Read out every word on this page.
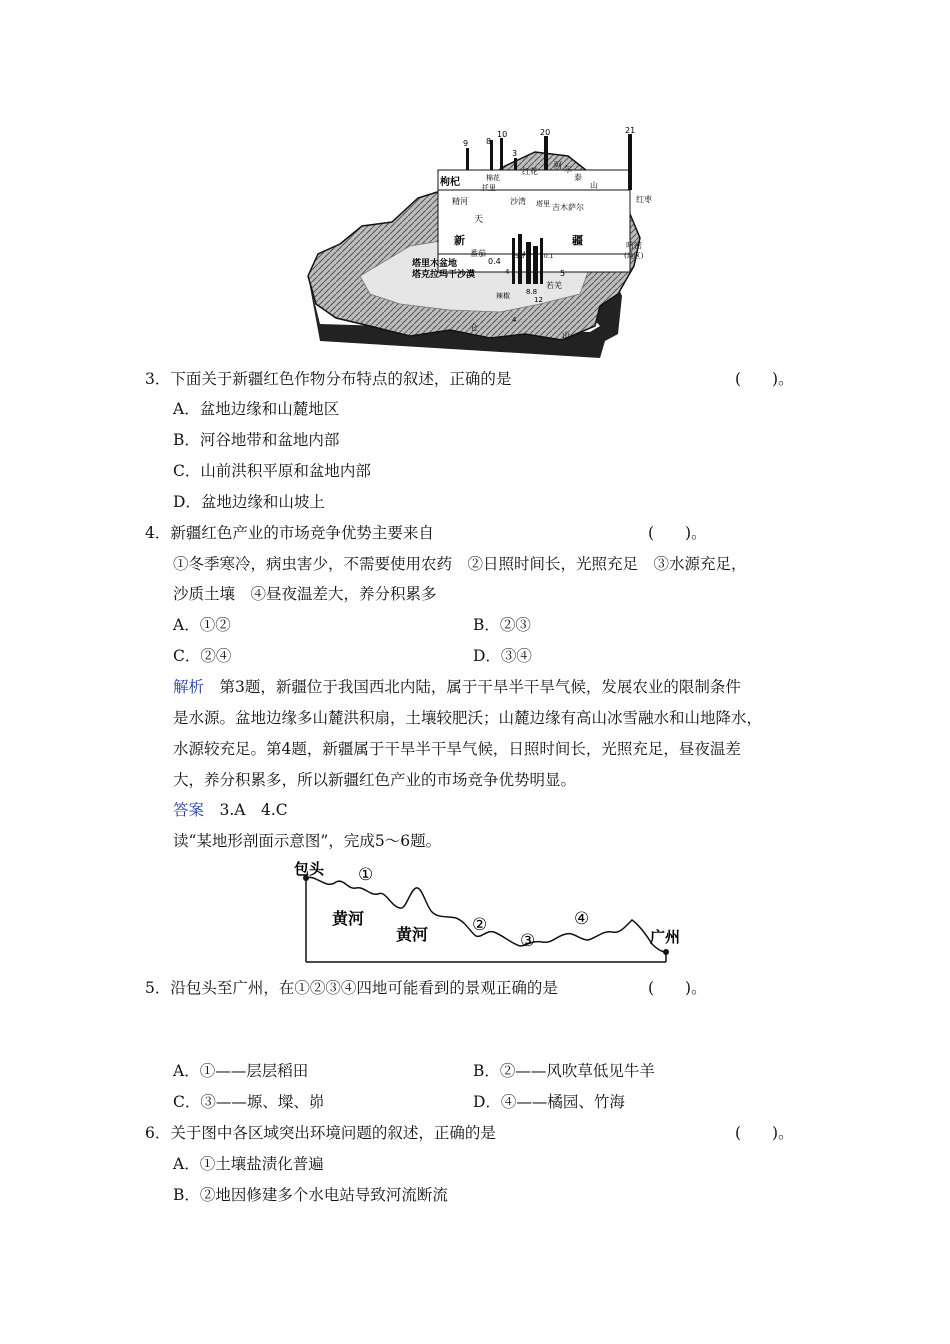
9 8
10
3
20	21
0.4
4
4
5
8.8
12
5.3
4.4 10.1
枸杞	棉花
红花
阿 尔
泰
山
托里
精河	沙湾 塔里 吉木萨尔
红枣
天
新
番茄
疆	哈密
(地区)
塔里木盆地
塔克拉玛干沙漠
若羌
辣椒
仑
山
3．下面关于新疆红色作物分布特点的叙述，正确的是	(　　)。
A．盆地边缘和山麓地区
B．河谷地带和盆地内部
C．山前洪积平原和盆地内部
D．盆地边缘和山坡上
4．新疆红色产业的市场竞争优势主要来自	(　　)。
①冬季寒冷，病虫害少，不需要使用农药　②日照时间长，光照充足　③水源充足，
沙质土壤　④昼夜温差大，养分积累多
A．①②	B．②③
C．②④	D．③④
解析　第3题，新疆位于我国西北内陆，属于干旱半干旱气候，发展农业的限制条件
是水源。盆地边缘多山麓洪积扇，土壤较肥沃；山麓边缘有高山冰雪融水和山地降水，
水源较充足。第4题，新疆属于干旱半干旱气候，日照时间长，光照充足，昼夜温差
大，养分积累多，所以新疆红色产业的市场竞争优势明显。
答案　3.A　4.C
读“某地形剖面示意图”，完成5～6题。
包头 ①
黄河
黄河	②
③
④
广州
5．沿包头至广州，在①②③④四地可能看到的景观正确的是	(　　)。
A．①——层层稻田	B．②——风吹草低见牛羊
C．③——塬、墚、峁	D．④——橘园、竹海
6．关于图中各区域突出环境问题的叙述，正确的是	(　　)。
A．①土壤盐渍化普遍
B．②地因修建多个水电站导致河流断流
